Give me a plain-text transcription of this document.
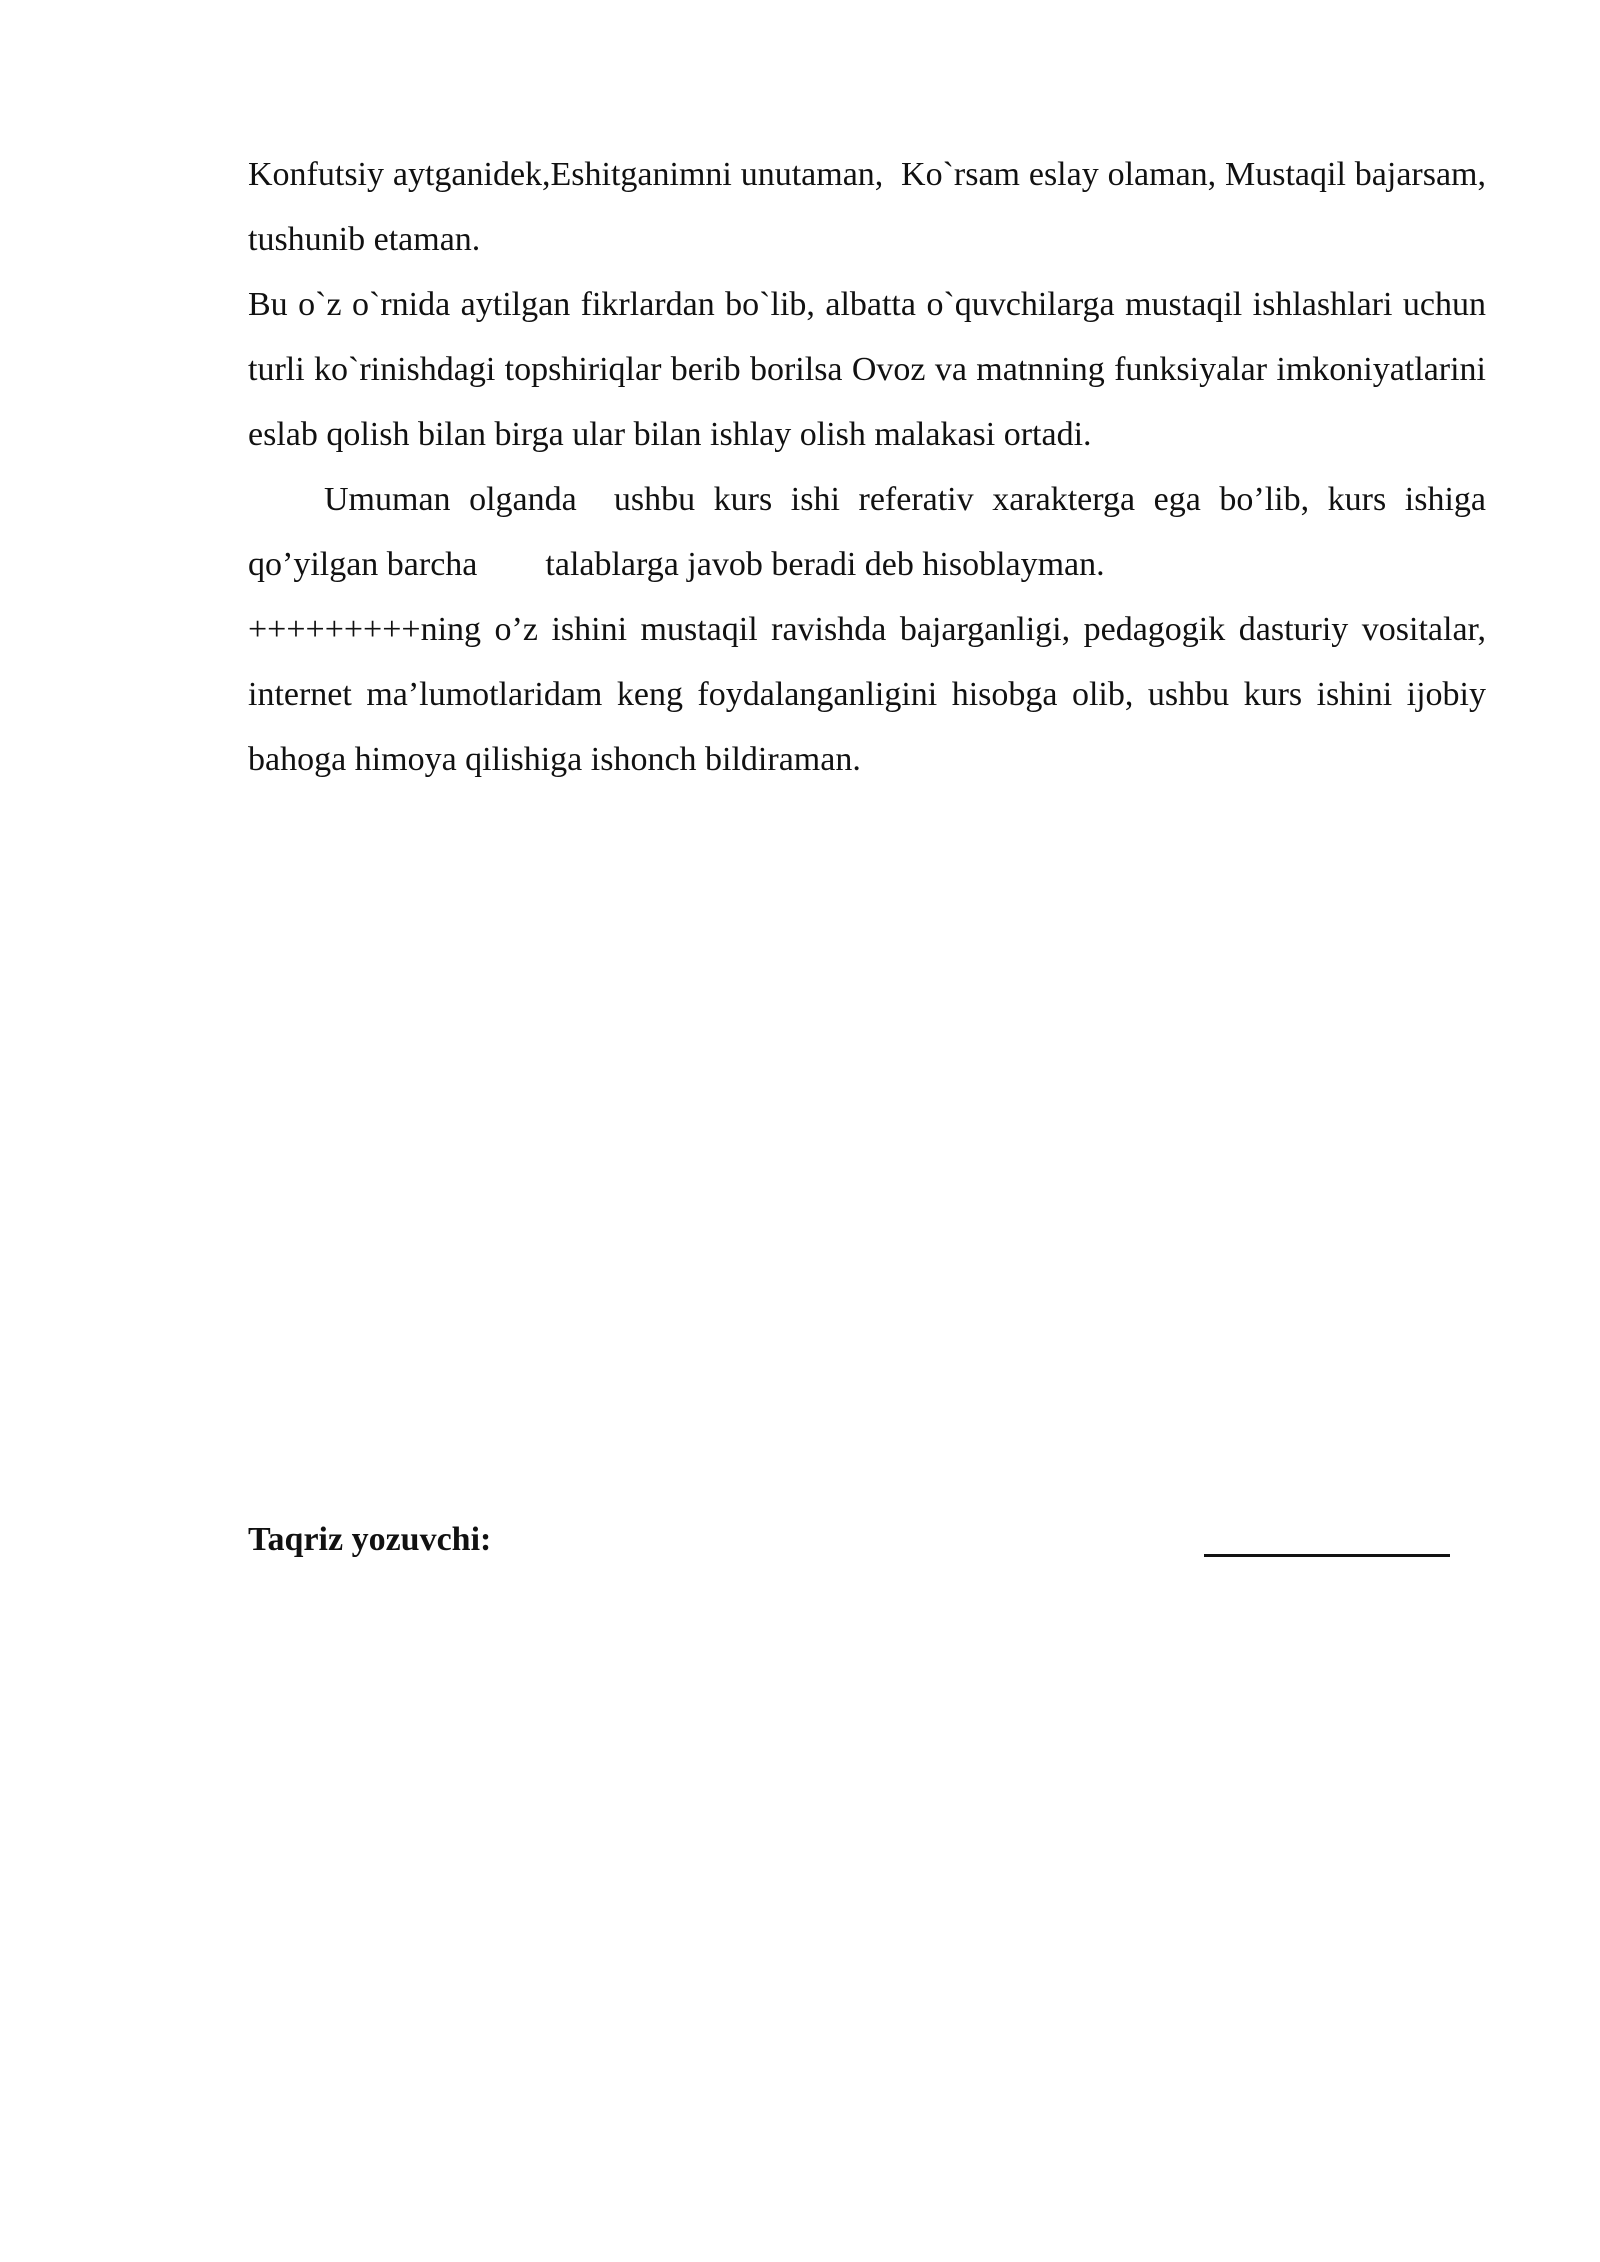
Konfutsiy aytganidek,Eshitganimni unutaman,  Ko`rsam eslay olaman, Mustaqil bajarsam, tushunib etaman.

Bu o`z o`rnida aytilgan fikrlardan bo`lib, albatta o`quvchilarga mustaqil ishlashlari uchun turli ko`rinishdagi topshiriqlar berib borilsa Ovoz va matnning funksiyalar imkoniyatlarini eslab qolish bilan birga ular bilan ishlay olish malakasi ortadi.

Umuman olganda  ushbu kurs ishi referativ xarakterga ega bo’lib, kurs ishiga qo’yilgan barcha        talablarga javob beradi deb hisoblayman.

+++++++++ning o’z ishini mustaqil ravishda bajarganligi, pedagogik dasturiy vositalar, internet ma’lumotlaridam keng foydalanganligini hisobga olib, ushbu kurs ishini ijobiy bahoga himoya qilishiga ishonch bildiraman.

Taqriz yozuvchi:
